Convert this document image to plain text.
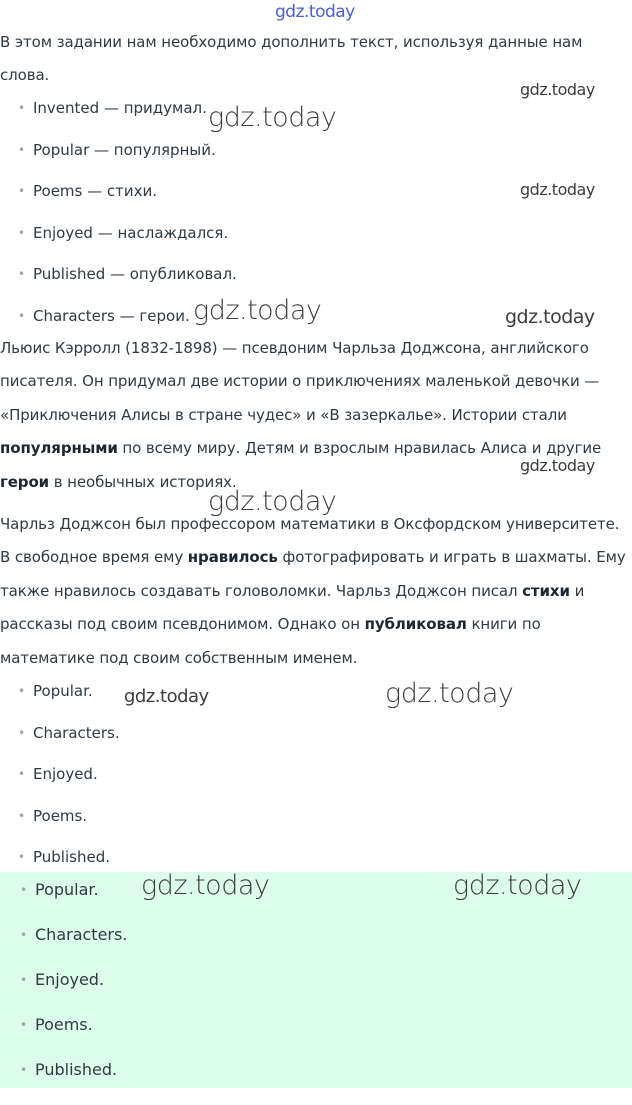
gdz.today

В этом задании нам необходимо дополнить текст, используя данные нам
слова.

• Invented — придумал.
• Popular — популярный.
• Poems — стихи.
• Enjoyed — наслаждался.
• Published — опубликовал.
• Characters — герои.

Льюис Кэрролл (1832-1898) — псевдоним Чарльза Доджсона, английского
писателя. Он придумал две истории о приключениях маленькой девочки —
«Приключения Алисы в стране чудес» и «В зазеркалье». Истории стали
популярными по всему миру. Детям и взрослым нравилась Алиса и другие
герои в необычных историях.

Чарльз Доджсон был профессором математики в Оксфордском университете.
В свободное время ему нравилось фотографировать и играть в шахматы. Ему
также нравилось создавать головоломки. Чарльз Доджсон писал стихи и
рассказы под своим псевдонимом. Однако он публиковал книги по
математике под своим собственным именем.

• Popular.
• Characters.
• Enjoyed.
• Poems.
• Published.
• Popular.
• Characters.
• Enjoyed.
• Poems.
• Published.
gdz.today
gdz.today
gdz.today
gdz.today	gdz.today
gdz.today
gdz.today
gdz.today	gdz.today
gdz.today	gdz.today
